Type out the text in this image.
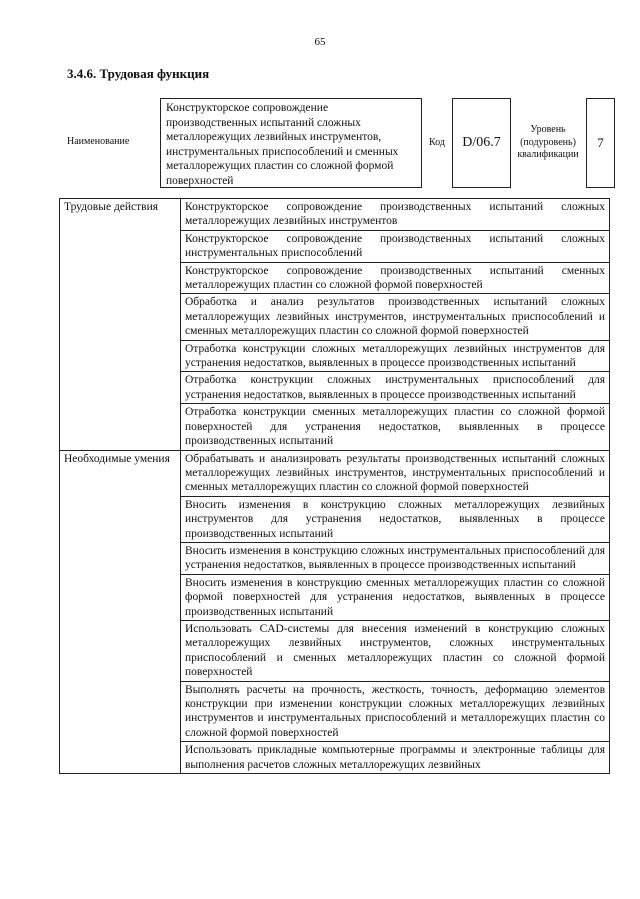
65
3.4.6. Трудовая функция
Наименование
Конструкторское сопровождение производственных испытаний сложных металлорежущих лезвийных инструментов, инструментальных приспособлений и сменных металлорежущих пластин со сложной формой поверхностей
Код D/06.7
Уровень (подуровень) квалификации
7
Трудовые действия	Конструкторское сопровождение производственных испытаний сложных металлорежущих лезвийных инструментов
	Конструкторское сопровождение производственных испытаний сложных инструментальных приспособлений
	Конструкторское сопровождение производственных испытаний сменных металлорежущих пластин со сложной формой поверхностей
	Обработка и анализ результатов производственных испытаний сложных металлорежущих лезвийных инструментов, инструментальных приспособлений и сменных металлорежущих пластин со сложной формой поверхностей
	Отработка конструкции сложных металлорежущих лезвийных инструментов для устранения недостатков, выявленных в процессе производственных испытаний
	Отработка конструкции сложных инструментальных приспособлений для устранения недостатков, выявленных в процессе производственных испытаний
	Отработка конструкции сменных металлорежущих пластин со сложной формой поверхностей для устранения недостатков, выявленных в процессе производственных испытаний
Необходимые умения	Обрабатывать и анализировать результаты производственных испытаний сложных металлорежущих лезвийных инструментов, инструментальных приспособлений и сменных металлорежущих пластин со сложной формой поверхностей
	Вносить изменения в конструкцию сложных металлорежущих лезвийных инструментов для устранения недостатков, выявленных в процессе производственных испытаний
	Вносить изменения в конструкцию сложных инструментальных приспособлений для устранения недостатков, выявленных в процессе производственных испытаний
	Вносить изменения в конструкцию сменных металлорежущих пластин со сложной формой поверхностей для устранения недостатков, выявленных в процессе производственных испытаний
	Использовать CAD-системы для внесения изменений в конструкцию сложных металлорежущих лезвийных инструментов, сложных инструментальных приспособлений и сменных металлорежущих пластин со сложной формой поверхностей
	Выполнять расчеты на прочность, жесткость, точность, деформацию элементов конструкции при изменении конструкции сложных металлорежущих лезвийных инструментов и инструментальных приспособлений и металлорежущих пластин со сложной формой поверхностей
	Использовать прикладные компьютерные программы и электронные таблицы для выполнения расчетов сложных металлорежущих лезвийных
